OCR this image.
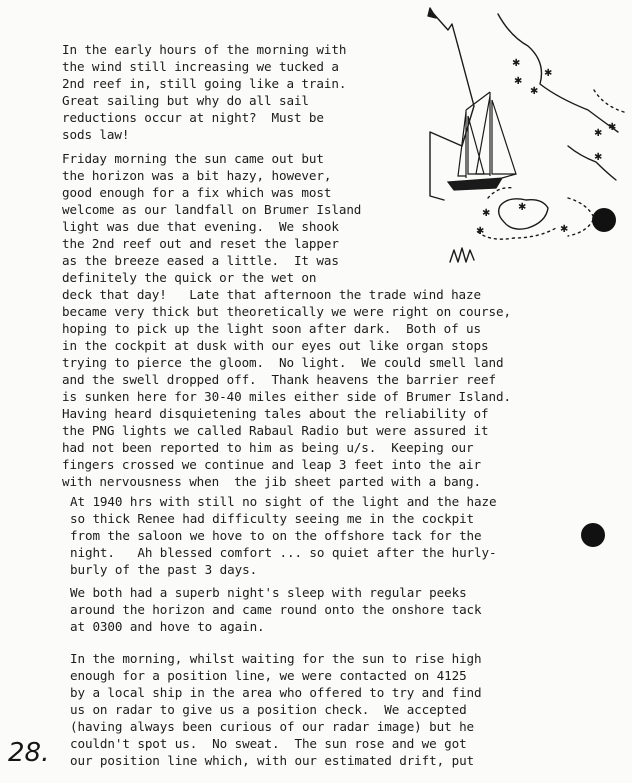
✱
✱
✱
✱
✱
✱
✱
✱
✱
✱
✱
In the early hours of the morning with
the wind still increasing we tucked a
2nd reef in, still going like a train.
Great sailing but why do all sail
reductions occur at night?  Must be
sods law!
Friday morning the sun came out but
the horizon was a bit hazy, however,
good enough for a fix which was most
welcome as our landfall on Brumer Island
light was due that evening.  We shook
the 2nd reef out and reset the lapper
as the breeze eased a little.  It was
definitely the quick or the wet on
deck that day!   Late that afternoon the trade wind haze
became very thick but theoretically we were right on course,
hoping to pick up the light soon after dark.  Both of us
in the cockpit at dusk with our eyes out like organ stops
trying to pierce the gloom.  No light.  We could smell land
and the swell dropped off.  Thank heavens the barrier reef
is sunken here for 30-40 miles either side of Brumer Island.
Having heard disquietening tales about the reliability of
the PNG lights we called Rabaul Radio but were assured it
had not been reported to him as being u/s.  Keeping our
fingers crossed we continue and leap 3 feet into the air
with nervousness when  the jib sheet parted with a bang.
At 1940 hrs with still no sight of the light and the haze
so thick Renee had difficulty seeing me in the cockpit
from the saloon we hove to on the offshore tack for the
night.   Ah blessed comfort ... so quiet after the hurly-
burly of the past 3 days.
We both had a superb night's sleep with regular peeks
around the horizon and came round onto the onshore tack
at 0300 and hove to again.
In the morning, whilst waiting for the sun to rise high
enough for a position line, we were contacted on 4125
by a local ship in the area who offered to try and find
us on radar to give us a position check.  We accepted
(having always been curious of our radar image) but he
couldn't spot us.  No sweat.  The sun rose and we got
our position line which, with our estimated drift, put
28.
